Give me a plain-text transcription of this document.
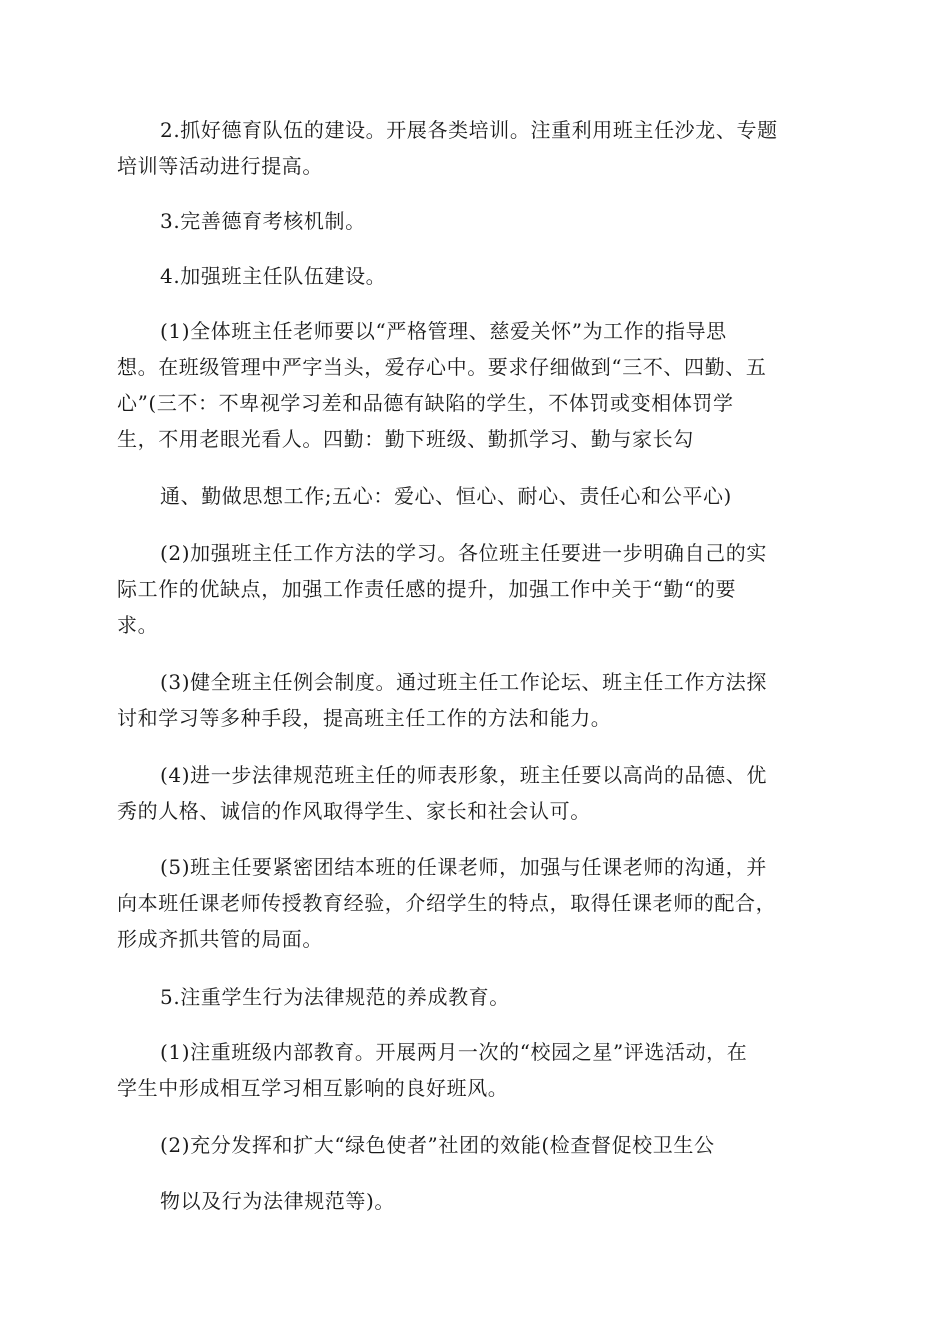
2.抓好德育队伍的建设。开展各类培训。注重利用班主任沙龙、专题
培训等活动进行提高。
3.完善德育考核机制。
4.加强班主任队伍建设。
(1)全体班主任老师要以“严格管理、慈爱关怀”为工作的指导思
想。在班级管理中严字当头，爱存心中。要求仔细做到“三不、四勤、五
心”(三不：不卑视学习差和品德有缺陷的学生，不体罚或变相体罚学
生，不用老眼光看人。四勤：勤下班级、勤抓学习、勤与家长勾
通、勤做思想工作;五心：爱心、恒心、耐心、责任心和公平心)
(2)加强班主任工作方法的学习。各位班主任要进一步明确自己的实
际工作的优缺点，加强工作责任感的提升，加强工作中关于“勤“的要
求。
(3)健全班主任例会制度。通过班主任工作论坛、班主任工作方法探
讨和学习等多种手段，提高班主任工作的方法和能力。
(4)进一步法律规范班主任的师表形象，班主任要以高尚的品德、优
秀的人格、诚信的作风取得学生、家长和社会认可。
(5)班主任要紧密团结本班的任课老师，加强与任课老师的沟通，并
向本班任课老师传授教育经验，介绍学生的特点，取得任课老师的配合，
形成齐抓共管的局面。
5.注重学生行为法律规范的养成教育。
(1)注重班级内部教育。开展两月一次的“校园之星”评选活动，在
学生中形成相互学习相互影响的良好班风。
(2)充分发挥和扩大“绿色使者”社团的效能(检查督促校卫生公
物以及行为法律规范等)。
